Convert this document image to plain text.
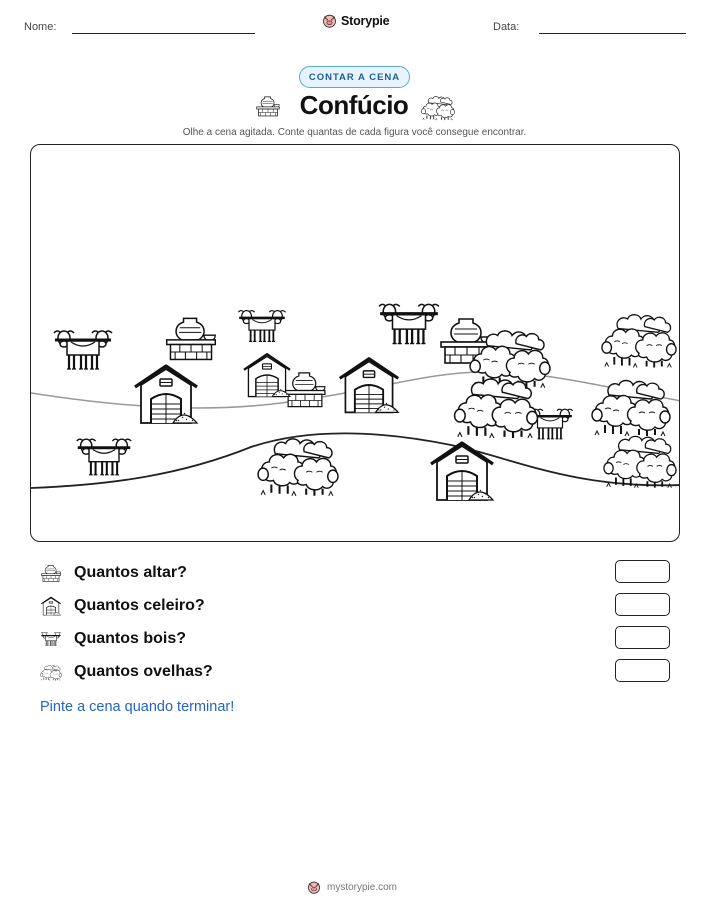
Nome:	Storypie	Data:
CONTAR A CENA
Confúcio
Olhe a cena agitada. Conte quantas de cada figura você consegue encontrar.
Quantos altar?
Quantos celeiro?
Quantos bois?
Quantos ovelhas?
Pinte a cena quando terminar!
mystorypie.com
